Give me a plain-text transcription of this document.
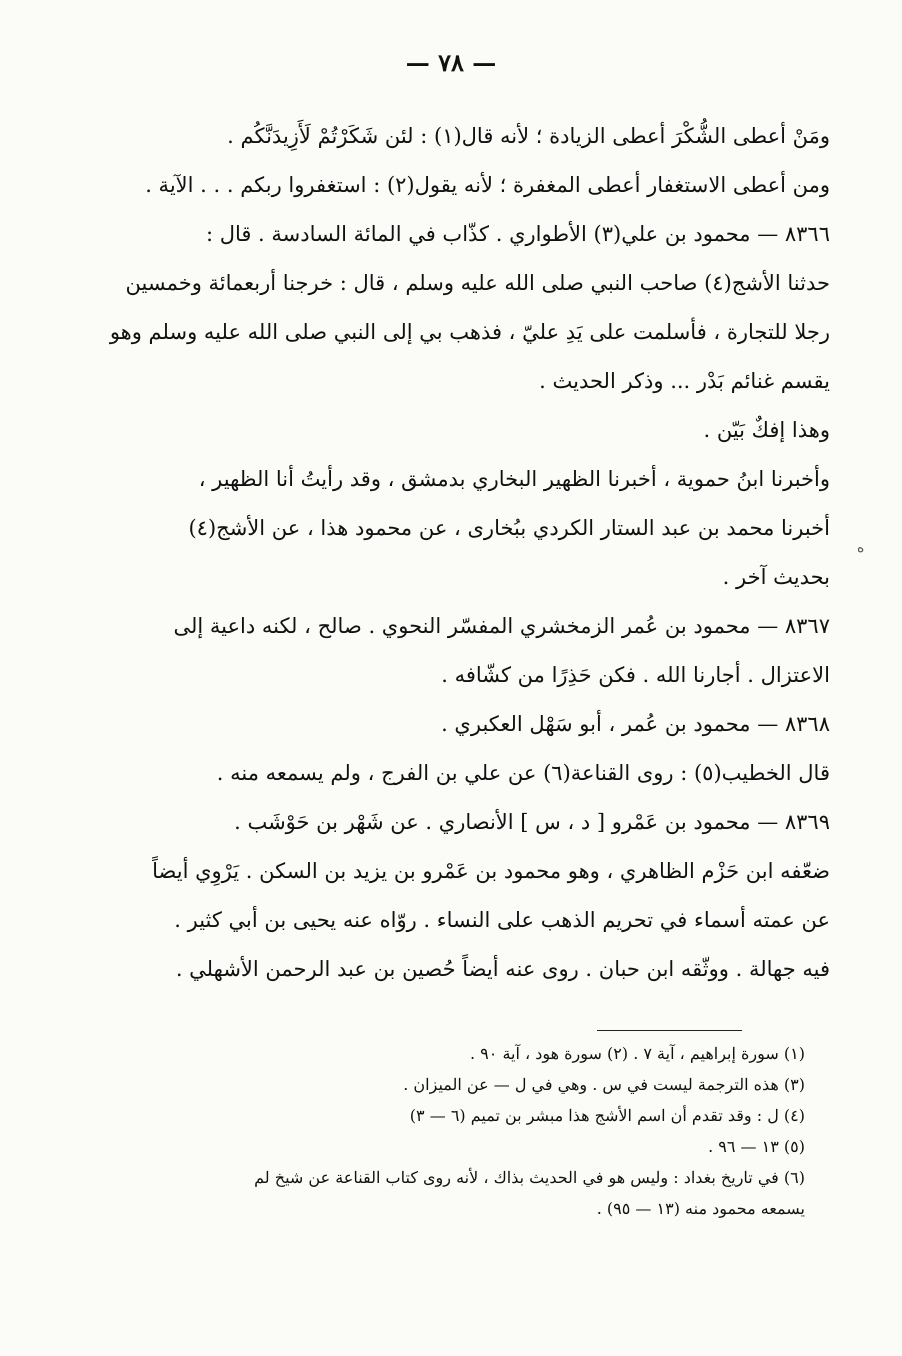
— ٧٨ —
ومَنْ أعطى الشُّكْرَ أعطى الزيادة ؛ لأنه قال(١) : لئن شَكَرْتُمْ لَأَزِيدَنَّكُم .
ومن أعطى الاستغفار أعطى المغفرة ؛ لأنه يقول(٢) : استغفروا ربكم . . . الآية .
٨٣٦٦ — محمود بن علي(٣) الأطواري . كذّاب في المائة السادسة . قال :
حدثنا الأشج(٤) صاحب النبي صلى الله عليه وسلم ، قال : خرجنا أربعمائة وخمسين
رجلا للتجارة ، فأسلمت على يَدِ عليّ ، فذهب بي إلى النبي صلى الله عليه وسلم وهو
يقسم غنائم بَدْر ... وذكر الحديث .
وهذا إفكٌ بَيّن .
وأخبرنا ابنُ حموية ، أخبرنا الظهير البخاري بدمشق ، وقد رأيتُ أنا الظهير ،
أخبرنا محمد بن عبد الستار الكردي ببُخارى ، عن محمود هذا ، عن الأشج(٤)
بحديث آخر .
٨٣٦٧ — محمود بن عُمر الزمخشري المفسّر النحوي . صالح ، لكنه داعية إلى
الاعتزال . أجارنا الله . فكن حَذِرًا من كشّافه .
٨٣٦٨ — محمود بن عُمر ، أبو سَهْل العكبري .
قال الخطيب(٥) : روى القناعة(٦) عن علي بن الفرج ، ولم يسمعه منه .
٨٣٦٩ — محمود بن عَمْرو [ د ، س ] الأنصاري . عن شَهْر بن حَوْشَب .
ضعّفه ابن حَزْم الظاهري ، وهو محمود بن عَمْرو بن يزيد بن السكن . يَرْوِي أيضاً
عن عمته أسماء في تحريم الذهب على النساء . روّاه عنه يحيى بن أبي كثير .
فيه جهالة . ووثّقه ابن حبان . روى عنه أيضاً حُصين بن عبد الرحمن الأشهلي .
(١) سورة إبراهيم ، آية ٧ . (٢) سورة هود ، آية ٩٠ .
(٣) هذه الترجمة ليست في س . وهي في ل — عن الميزان .
(٤) ل : وقد تقدم أن اسم الأشج هذا مبشر بن تميم (٦ — ٣)
(٥) ١٣ — ٩٦ .
(٦) في تاريخ بغداد : وليس هو في الحديث بذاك ، لأنه روى كتاب القناعة عن شيخ لم
يسمعه محمود منه (١٣ — ٩٥) .
ه
